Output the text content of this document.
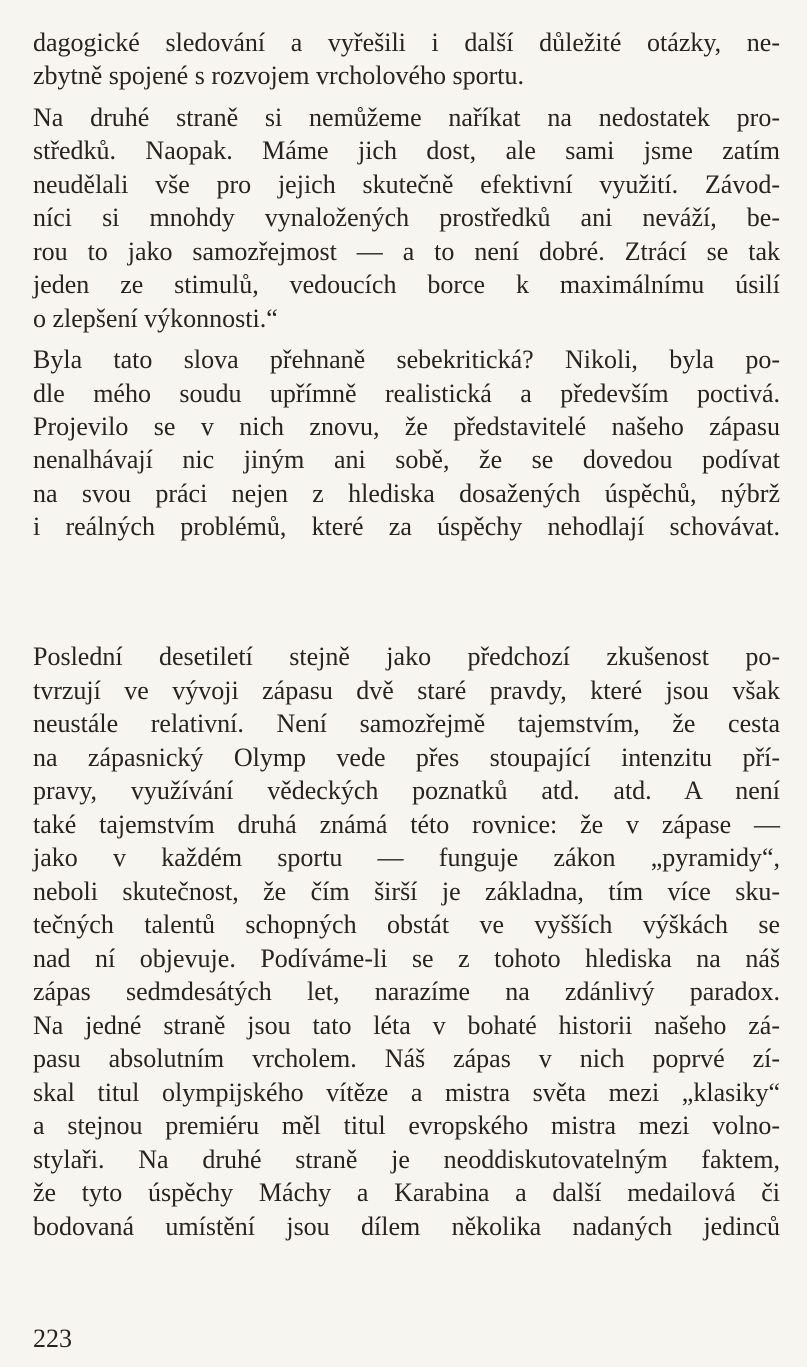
dagogické sledování a vyřešili i další důležité otázky, ne-
zbytně spojené s rozvojem vrcholového sportu.
Na druhé straně si nemůžeme naříkat na nedostatek pro-
středků. Naopak. Máme jich dost, ale sami jsme zatím
neudělali vše pro jejich skutečně efektivní využití. Závod-
níci si mnohdy vynaložených prostředků ani neváží, be-
rou to jako samozřejmost — a to není dobré. Ztrácí se tak
jeden ze stimulů, vedoucích borce k maximálnímu úsilí
o zlepšení výkonnosti.“
Byla tato slova přehnaně sebekritická? Nikoli, byla po-
dle mého soudu upřímně realistická a především poctivá.
Projevilo se v nich znovu, že představitelé našeho zápasu
nenalhávají nic jiným ani sobě, že se dovedou podívat
na svou práci nejen z hlediska dosažených úspěchů, nýbrž
i reálných problémů, které za úspěchy nehodlají schovávat.
Poslední desetiletí stejně jako předchozí zkušenost po-
tvrzují ve vývoji zápasu dvě staré pravdy, které jsou však
neustále relativní. Není samozřejmě tajemstvím, že cesta
na zápasnický Olymp vede přes stoupající intenzitu pří-
pravy, využívání vědeckých poznatků atd. atd. A není
také tajemstvím druhá známá této rovnice: že v zápase —
jako v každém sportu — funguje zákon „pyramidy“,
neboli skutečnost, že čím širší je základna, tím více sku-
tečných talentů schopných obstát ve vyšších výškách se
nad ní objevuje. Podíváme-li se z tohoto hlediska na náš
zápas sedmdesátých let, narazíme na zdánlivý paradox.
Na jedné straně jsou tato léta v bohaté historii našeho zá-
pasu absolutním vrcholem. Náš zápas v nich poprvé zí-
skal titul olympijského vítěze a mistra světa mezi „klasiky“
a stejnou premiéru měl titul evropského mistra mezi volno-
stylaři. Na druhé straně je neoddiskutovatelným faktem,
že tyto úspěchy Máchy a Karabina a další medailová či
bodovaná umístění jsou dílem několika nadaných jedinců
223
